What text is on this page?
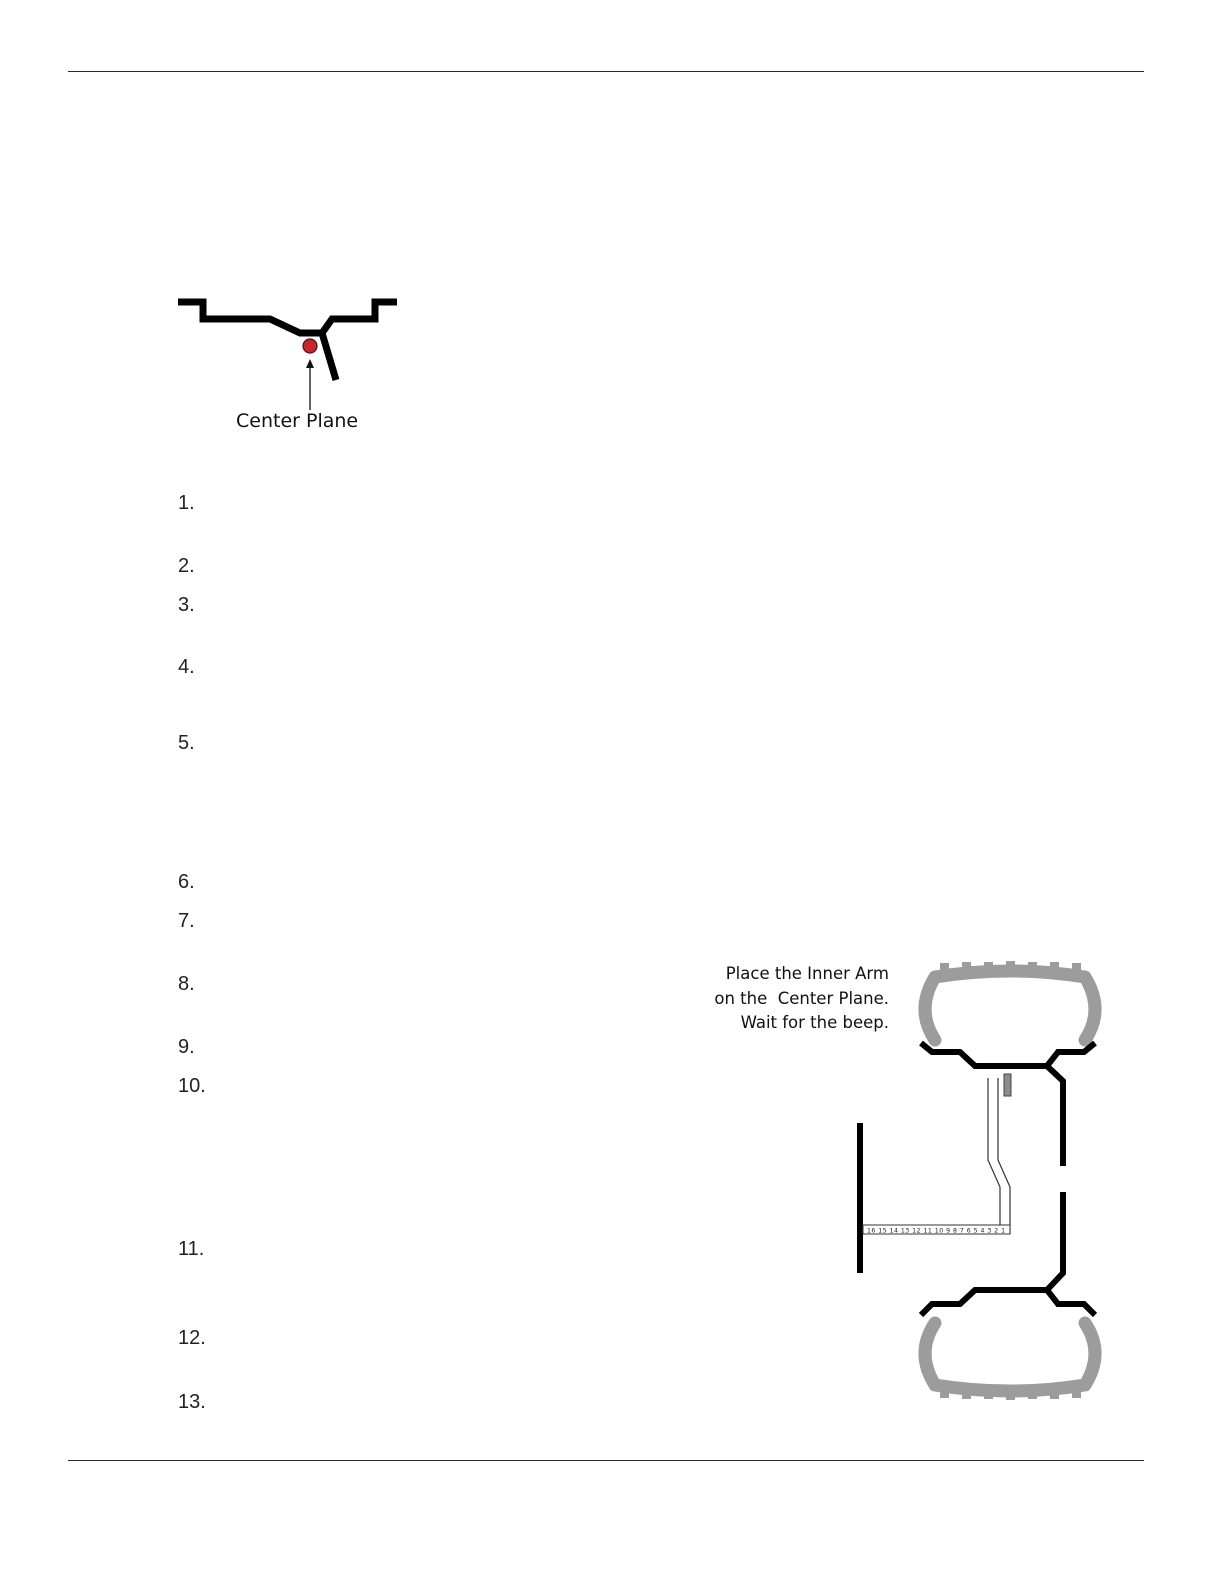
Center Plane
1.
2.
3.
4.
5.
6.
7.
8.
9.
10.
11.
12.
13.
16 15 14 13 12 11 10 9 8 7 6 5 4 3 2 1
Place the Inner Arm
on the  Center Plane.
Wait for the beep.
